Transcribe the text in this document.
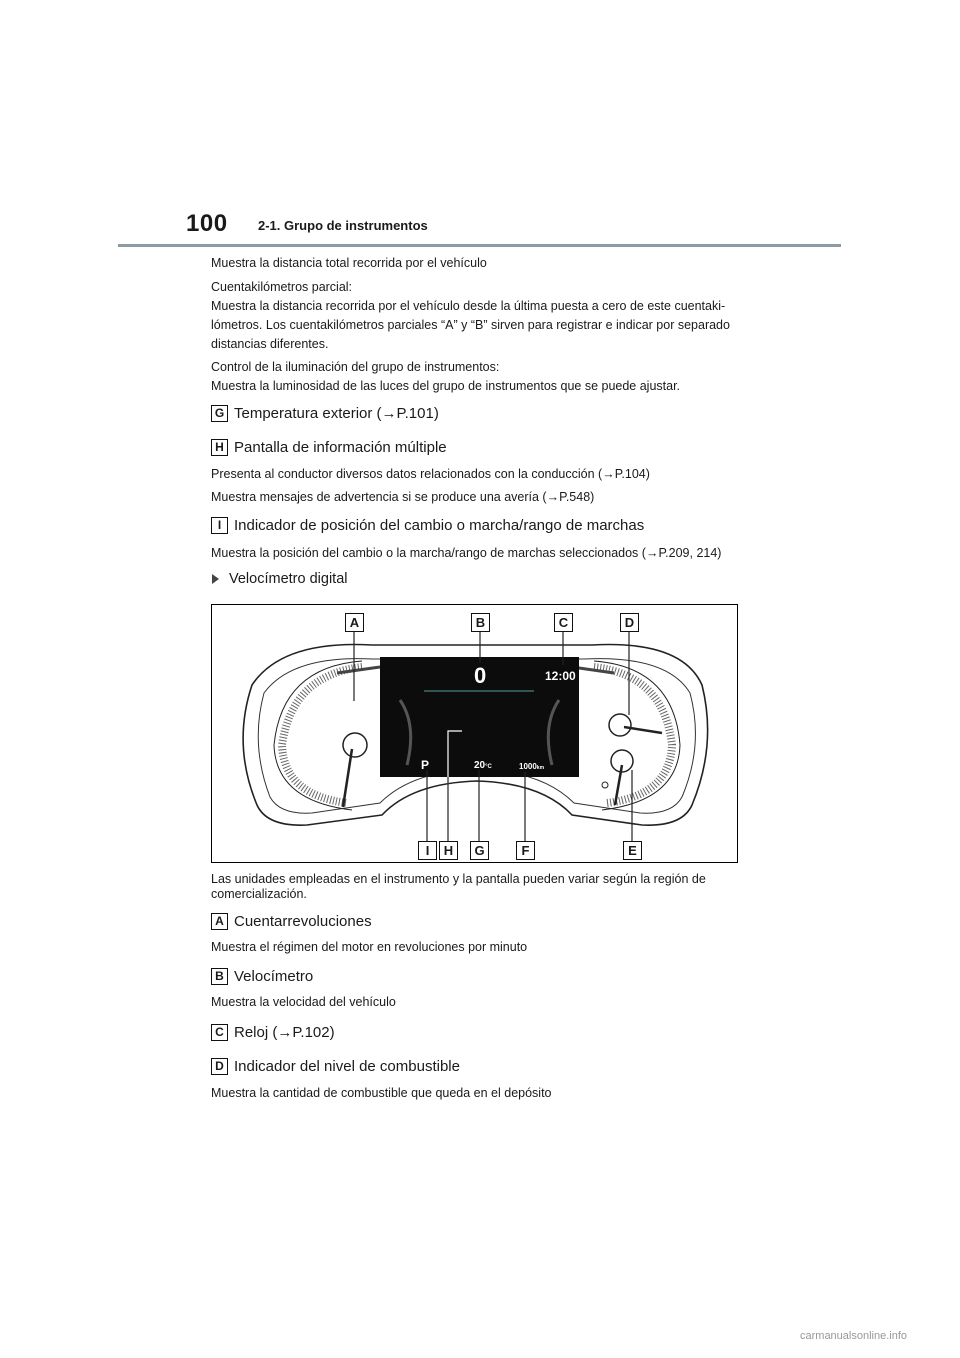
100 2-1. Grupo de instrumentos

Muestra la distancia total recorrida por el vehículo

Cuentakilómetros parcial:

Muestra la distancia recorrida por el vehículo desde la última puesta a cero de este cuentaki-

lómetros. Los cuentakilómetros parciales “A” y “B” sirven para registrar e indicar por separado

distancias diferentes.

Control de la iluminación del grupo de instrumentos:

Muestra la luminosidad de las luces del grupo de instrumentos que se puede ajustar.

G Temperatura exterior (→P.101)
H Pantalla de información múltiple

Presenta al conductor diversos datos relacionados con la conducción (→P.104)

Muestra mensajes de advertencia si se produce una avería (→P.548)

I Indicador de posición del cambio o marcha/rango de marchas

Muestra la posición del cambio o la marcha/rango de marchas seleccionados (→P.209, 214)

Velocímetro digital
0	12:00
P	20°C	1000km
A	B	C	D
E
F
G
H
I

Las unidades empleadas en el instrumento y la pantalla pueden variar según la región de

comercialización.

A Cuentarrevoluciones

Muestra el régimen del motor en revoluciones por minuto

B Velocímetro

Muestra la velocidad del vehículo

C Reloj (→P.102)
D Indicador del nivel de combustible

Muestra la cantidad de combustible que queda en el depósito

carmanualsonline.info
